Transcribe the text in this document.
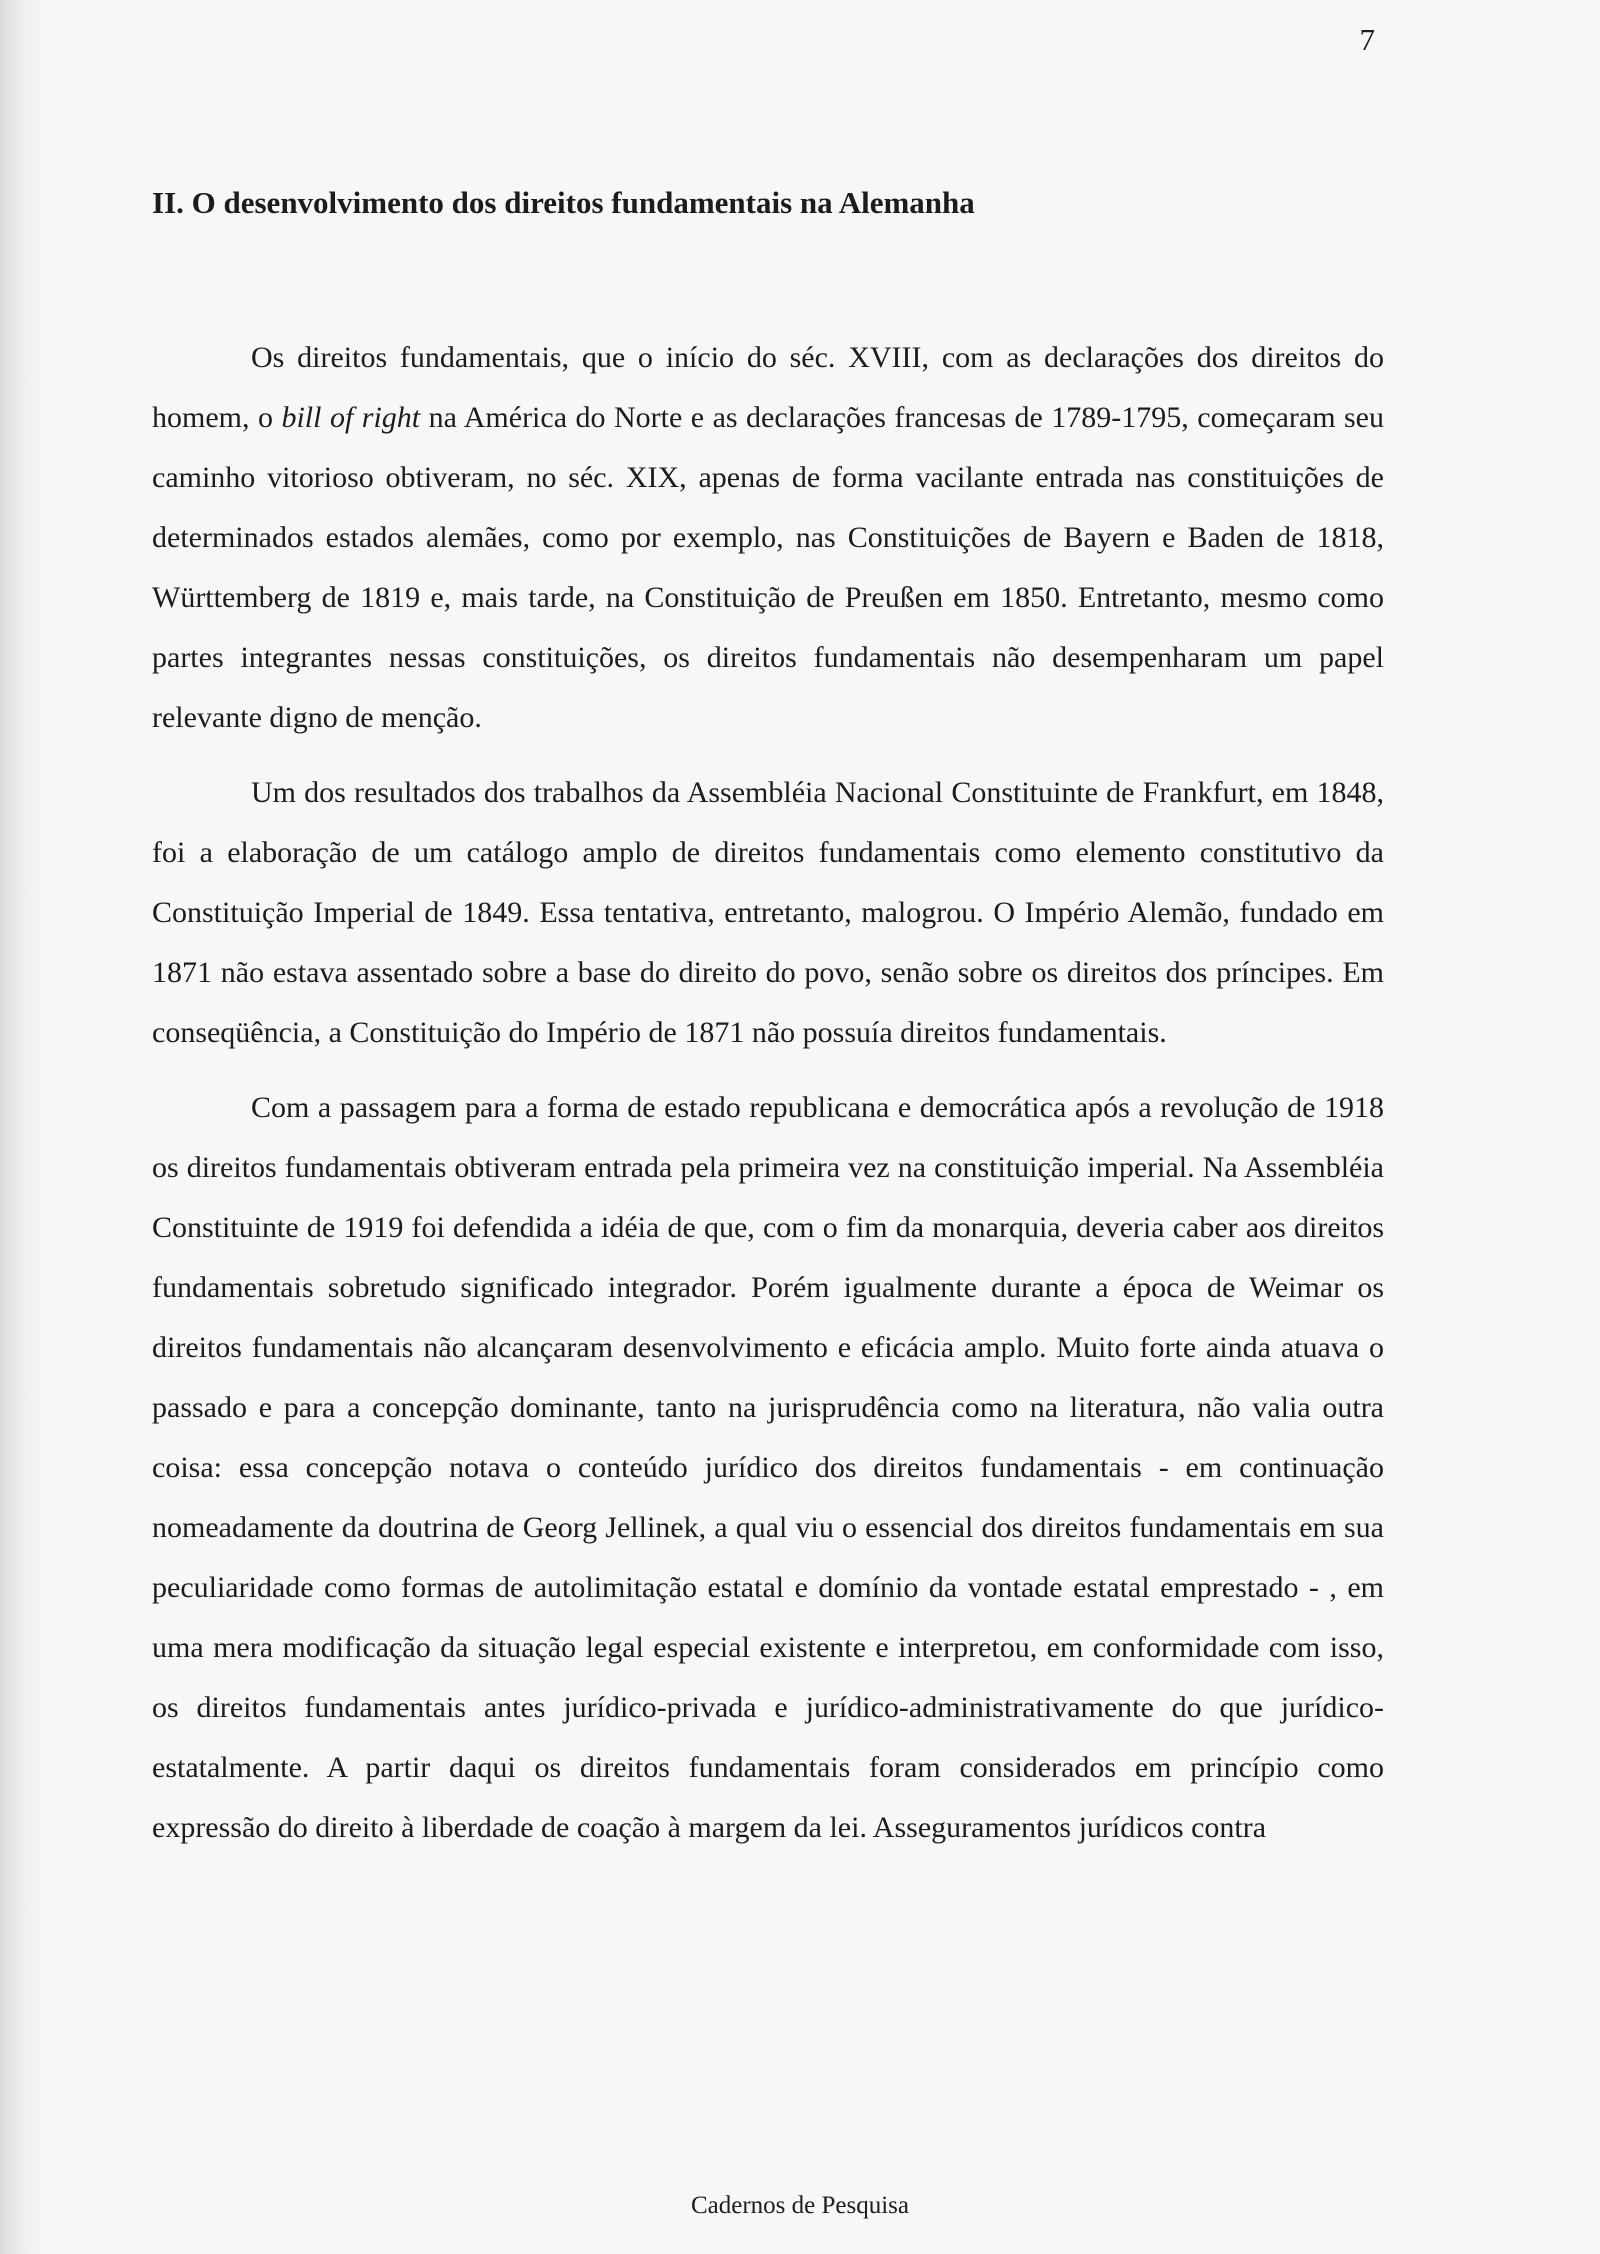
7
II. O desenvolvimento dos direitos fundamentais na Alemanha

Os direitos fundamentais, que o início do séc. XVIII, com as declarações dos direitos do homem, o bill of right na América do Norte e as declarações francesas de 1789-1795, começaram seu caminho vitorioso obtiveram, no séc. XIX, apenas de forma vacilante entrada nas constituições de determinados estados alemães, como por exemplo, nas Constituições de Bayern e Baden de 1818, Württemberg de 1819 e, mais tarde, na Constituição de Preußen em 1850. Entretanto, mesmo como partes integrantes nessas constituições, os direitos fundamentais não desempenharam um papel relevante digno de menção.

Um dos resultados dos trabalhos da Assembléia Nacional Constituinte de Frankfurt, em 1848, foi a elaboração de um catálogo amplo de direitos fundamentais como elemento constitutivo da Constituição Imperial de 1849. Essa tentativa, entretanto, malogrou. O Império Alemão, fundado em 1871 não estava assentado sobre a base do direito do povo, senão sobre os direitos dos príncipes. Em conseqüência, a Constituição do Império de 1871 não possuía direitos fundamentais.

Com a passagem para a forma de estado republicana e democrática após a revolução de 1918 os direitos fundamentais obtiveram entrada pela primeira vez na constituição imperial. Na Assembléia Constituinte de 1919 foi defendida a idéia de que, com o fim da monarquia, deveria caber aos direitos fundamentais sobretudo significado integrador. Porém igualmente durante a época de Weimar os direitos fundamentais não alcançaram desenvolvimento e eficácia amplo. Muito forte ainda atuava o passado e para a concepção dominante, tanto na jurisprudência como na literatura, não valia outra coisa: essa concepção notava o conteúdo jurídico dos direitos fundamentais - em continuação nomeadamente da doutrina de Georg Jellinek, a qual viu o essencial dos direitos fundamentais em sua peculiaridade como formas de autolimitação estatal e domínio da vontade estatal emprestado - , em uma mera modificação da situação legal especial existente e interpretou, em conformidade com isso, os direitos fundamentais antes jurídico-privada e jurídico-administrativamente do que jurídico-estatalmente. A partir daqui os direitos fundamentais foram considerados em princípio como expressão do direito à liberdade de coação à margem da lei. Asseguramentos jurídicos contra

Cadernos de Pesquisa
